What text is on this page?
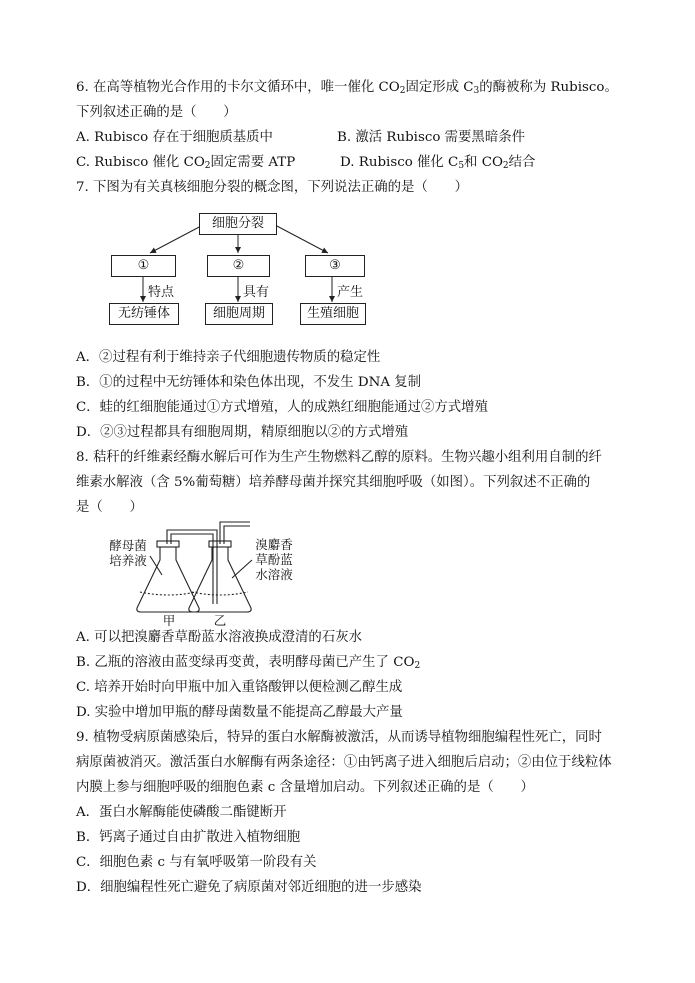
6. 在高等植物光合作用的卡尔文循环中，唯一催化 $CO_2$固定形成 $C_3$的酶被称为 Rubisco。
下列叙述正确的是（　　）
A. Rubisco 存在于细胞质基质中	B. 激活 Rubisco 需要黑暗条件
C. Rubisco 催化 $CO_2$固定需要 ATP	D. Rubisco 催化 $C_5$和 $CO_2$结合
7. 下图为有关真核细胞分裂的概念图，下列说法正确的是（　　）
细胞分裂
①	②	③
特点	具有	产生
无纺锤体	细胞周期	生殖细胞
A．②过程有利于维持亲子代细胞遗传物质的稳定性
B．①的过程中无纺锤体和染色体出现，不发生 DNA 复制
C．蛙的红细胞能通过①方式增殖，人的成熟红细胞能通过②方式增殖
D．②③过程都具有细胞周期，精原细胞以②的方式增殖
8. 秸秆的纤维素经酶水解后可作为生产生物燃料乙醇的原料。生物兴趣小组利用自制的纤
维素水解液（含 5%葡萄糖）培养酵母菌并探究其细胞呼吸（如图）。下列叙述不正确的
是（　　）
酵母菌
培养液
溴麝香
草酚蓝
水溶液
甲	乙
A. 可以把溴麝香草酚蓝水溶液换成澄清的石灰水
B. 乙瓶的溶液由蓝变绿再变黄，表明酵母菌已产生了 $CO_2$
C. 培养开始时向甲瓶中加入重铬酸钾以便检测乙醇生成
D. 实验中增加甲瓶的酵母菌数量不能提高乙醇最大产量
9. 植物受病原菌感染后，特异的蛋白水解酶被激活，从而诱导植物细胞编程性死亡，同时
病原菌被消灭。激活蛋白水解酶有两条途径：①由钙离子进入细胞后启动；②由位于线粒体
内膜上参与细胞呼吸的细胞色素 c 含量增加启动。下列叙述正确的是（　　）
A．蛋白水解酶能使磷酸二酯键断开
B．钙离子通过自由扩散进入植物细胞
C．细胞色素 c 与有氧呼吸第一阶段有关
D．细胞编程性死亡避免了病原菌对邻近细胞的进一步感染
